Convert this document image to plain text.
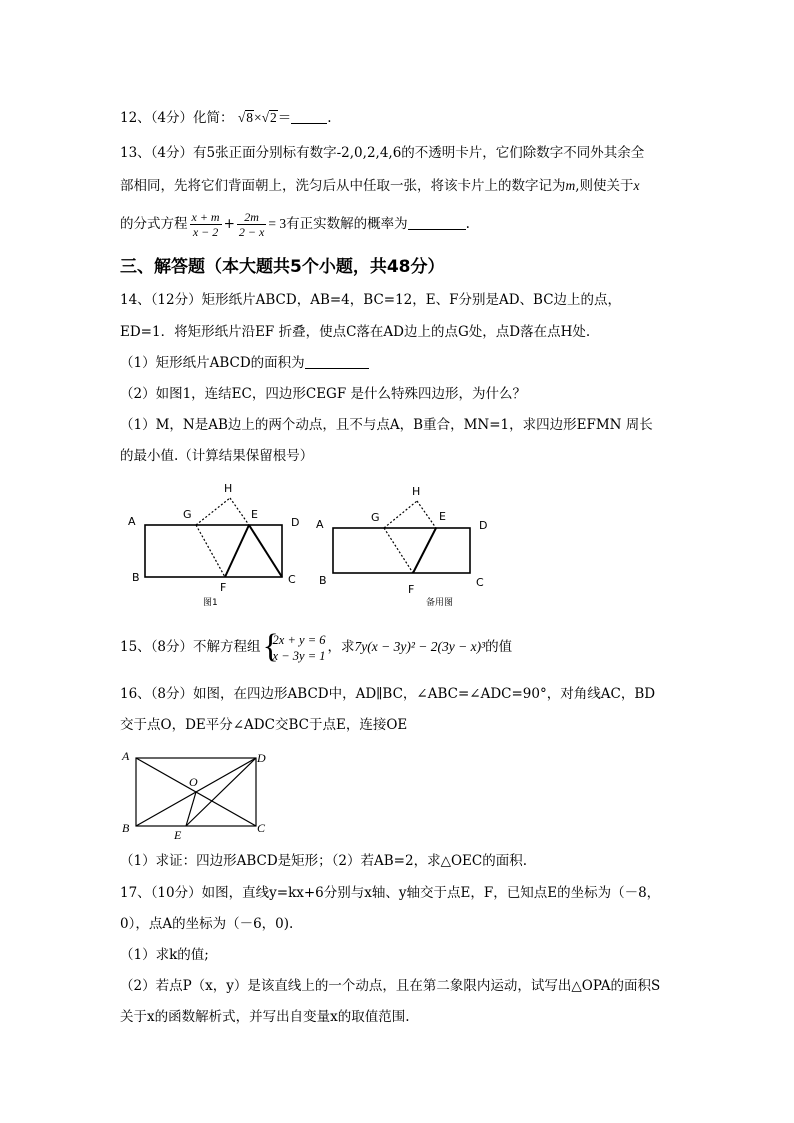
12、（4分）化简： √8×√2＝	.
13、（4分）有5张正面分别标有数字-2,0,2,4,6的不透明卡片，它们除数字不同外其余全
部相同，先将它们背面朝上，洗匀后从中任取一张，将该卡片上的数字记为m,则使关于x
的分式方程 $\frac{x + m}{x - 2} + \frac{2m}{2 - x} = 3$有正实数解的概率为	.
三、解答题（本大题共5个小题，共48分）
14、（12分）矩形纸片ABCD，AB=4，BC=12，E、F分别是AD、BC边上的点，
ED=1．将矩形纸片沿EF 折叠，使点C落在AD边上的点G处，点D落在点H处.
（1）矩形纸片ABCD的面积为
（2）如图1，连结EC，四边形CEGF 是什么特殊四边形，为什么？
（1）M，N是AB边上的两个动点，且不与点A，B重合，MN=1，求四边形EFMN 周长
的最小值.（计算结果保留根号）
A
B	C
D
E
F
G
H
图1
A
B	C
D
E
F
G
H
备用图
15、（8分）不解方程组 {
2x + y = 6
x − 3y = 1
，求7y(x − 3y)² − 2(3y − x)³的值
16、（8分）如图，在四边形ABCD中，AD∥BC，∠ABC=∠ADC=90°，对角线AC，BD
交于点O，DE平分∠ADC交BC于点E，连接OE
A
B	C
D
O
E
（1）求证：四边形ABCD是矩形；（2）若AB=2，求△OEC的面积.
17、（10分）如图，直线y=kx+6分别与x轴、y轴交于点E，F，已知点E的坐标为（－8，
0），点A的坐标为（－6，0).
（1）求k的值;
（2）若点P（x，y）是该直线上的一个动点，且在第二象限内运动，试写出△OPA的面积S
关于x的函数解析式，并写出自变量x的取值范围.
